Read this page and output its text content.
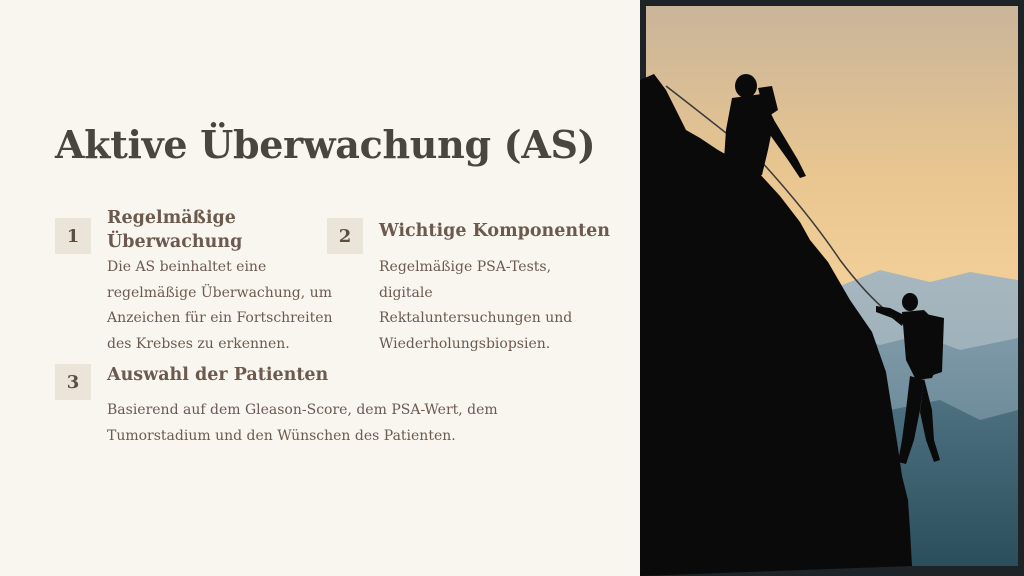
Aktive Überwachung (AS)
1
Regelmäßige Überwachung

Die AS beinhaltet eine regelmäßige Überwachung, um Anzeichen für ein Fortschreiten des Krebses zu erkennen.

2	Wichtige Komponenten

Regelmäßige PSA-Tests, digitale Rektaluntersuchungen und Wiederholungsbiopsien.

3	Auswahl der Patienten

Basierend auf dem Gleason-Score, dem PSA-Wert, dem Tumorstadium und den Wünschen des Patienten.
